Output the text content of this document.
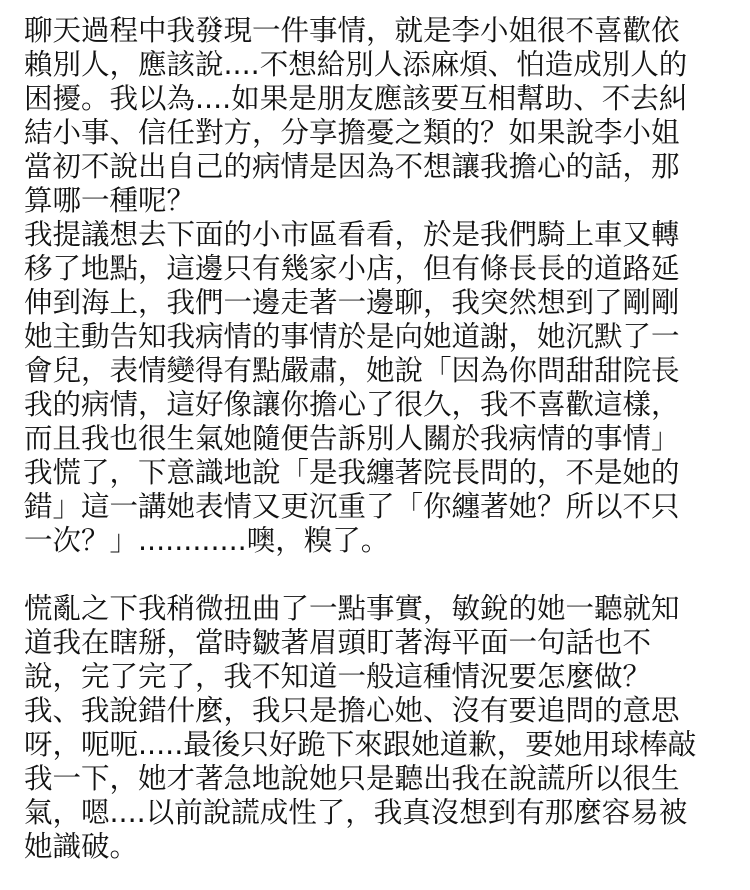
聊天過程中我發現一件事情，就是李小姐很不喜歡依
賴別人，應該說....不想給別人添麻煩、怕造成別人的
困擾。我以為....如果是朋友應該要互相幫助、不去糾
結小事、信任對方，分享擔憂之類的？如果說李小姐
當初不說出自己的病情是因為不想讓我擔心的話，那
算哪一種呢？
我提議想去下面的小市區看看，於是我們騎上車又轉
移了地點，這邊只有幾家小店，但有條長長的道路延
伸到海上，我們一邊走著一邊聊，我突然想到了剛剛
她主動告知我病情的事情於是向她道謝，她沉默了一
會兒，表情變得有點嚴肅，她說「因為你問甜甜院長
我的病情，這好像讓你擔心了很久，我不喜歡這樣，
而且我也很生氣她隨便告訴別人關於我病情的事情」
我慌了，下意識地說「是我纏著院長問的，不是她的
錯」這一講她表情又更沉重了「你纏著她？所以不只
一次？」............噢，糗了。
慌亂之下我稍微扭曲了一點事實，敏銳的她一聽就知
道我在瞎掰，當時皺著眉頭盯著海平面一句話也不
說，完了完了，我不知道一般這種情況要怎麼做？
我、我說錯什麼，我只是擔心她、沒有要追問的意思
呀，呃呃.....最後只好跪下來跟她道歉，要她用球棒敲
我一下，她才著急地說她只是聽出我在說謊所以很生
氣，嗯....以前說謊成性了，我真沒想到有那麼容易被
她識破。
